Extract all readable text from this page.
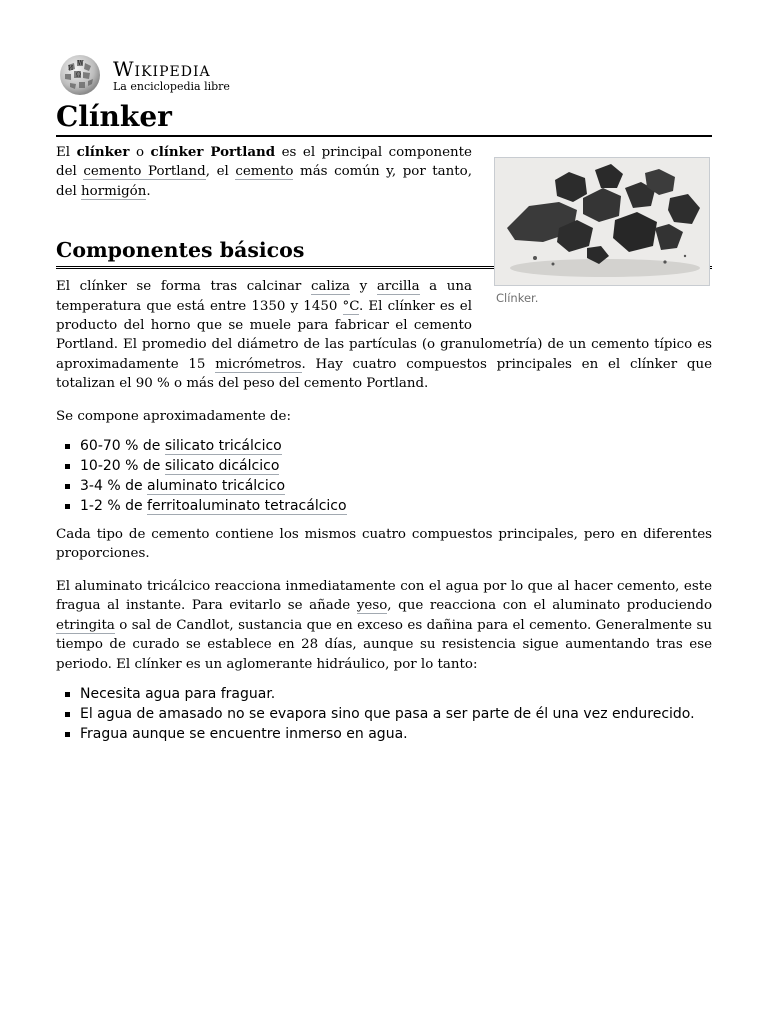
W
Ω
И Wikipedia
La enciclopedia libre
Clínker
Clínker.

El clínker o clínker Portland es el principal componente del cemento Portland, el cemento más común y, por tanto, del hormigón.

Componentes básicos

El clínker se forma tras calcinar caliza y arcilla a una temperatura que está entre 1350 y 1450 °C. El clínker es el producto del horno que se muele para fabricar el cemento Portland. El promedio del diámetro de las partículas (o granulometría) de un cemento típico es aproximadamente 15 micrómetros. Hay cuatro compuestos principales en el clínker que totalizan el 90 % o más del peso del cemento Portland.

Se compone aproximadamente de:

60-70 % de silicato tricálcico
10-20 % de silicato dicálcico
3-4 % de aluminato tricálcico
1-2 % de ferritoaluminato tetracálcico

Cada tipo de cemento contiene los mismos cuatro compuestos principales, pero en diferentes proporciones.

El aluminato tricálcico reacciona inmediatamente con el agua por lo que al hacer cemento, este fragua al instante. Para evitarlo se añade yeso, que reacciona con el aluminato produciendo etringita o sal de Candlot, sustancia que en exceso es dañina para el cemento. Generalmente su tiempo de curado se establece en 28 días, aunque su resistencia sigue aumentando tras ese periodo. El clínker es un aglomerante hidráulico, por lo tanto:

Necesita agua para fraguar.
El agua de amasado no se evapora sino que pasa a ser parte de él una vez endurecido.
Fragua aunque se encuentre inmerso en agua.
